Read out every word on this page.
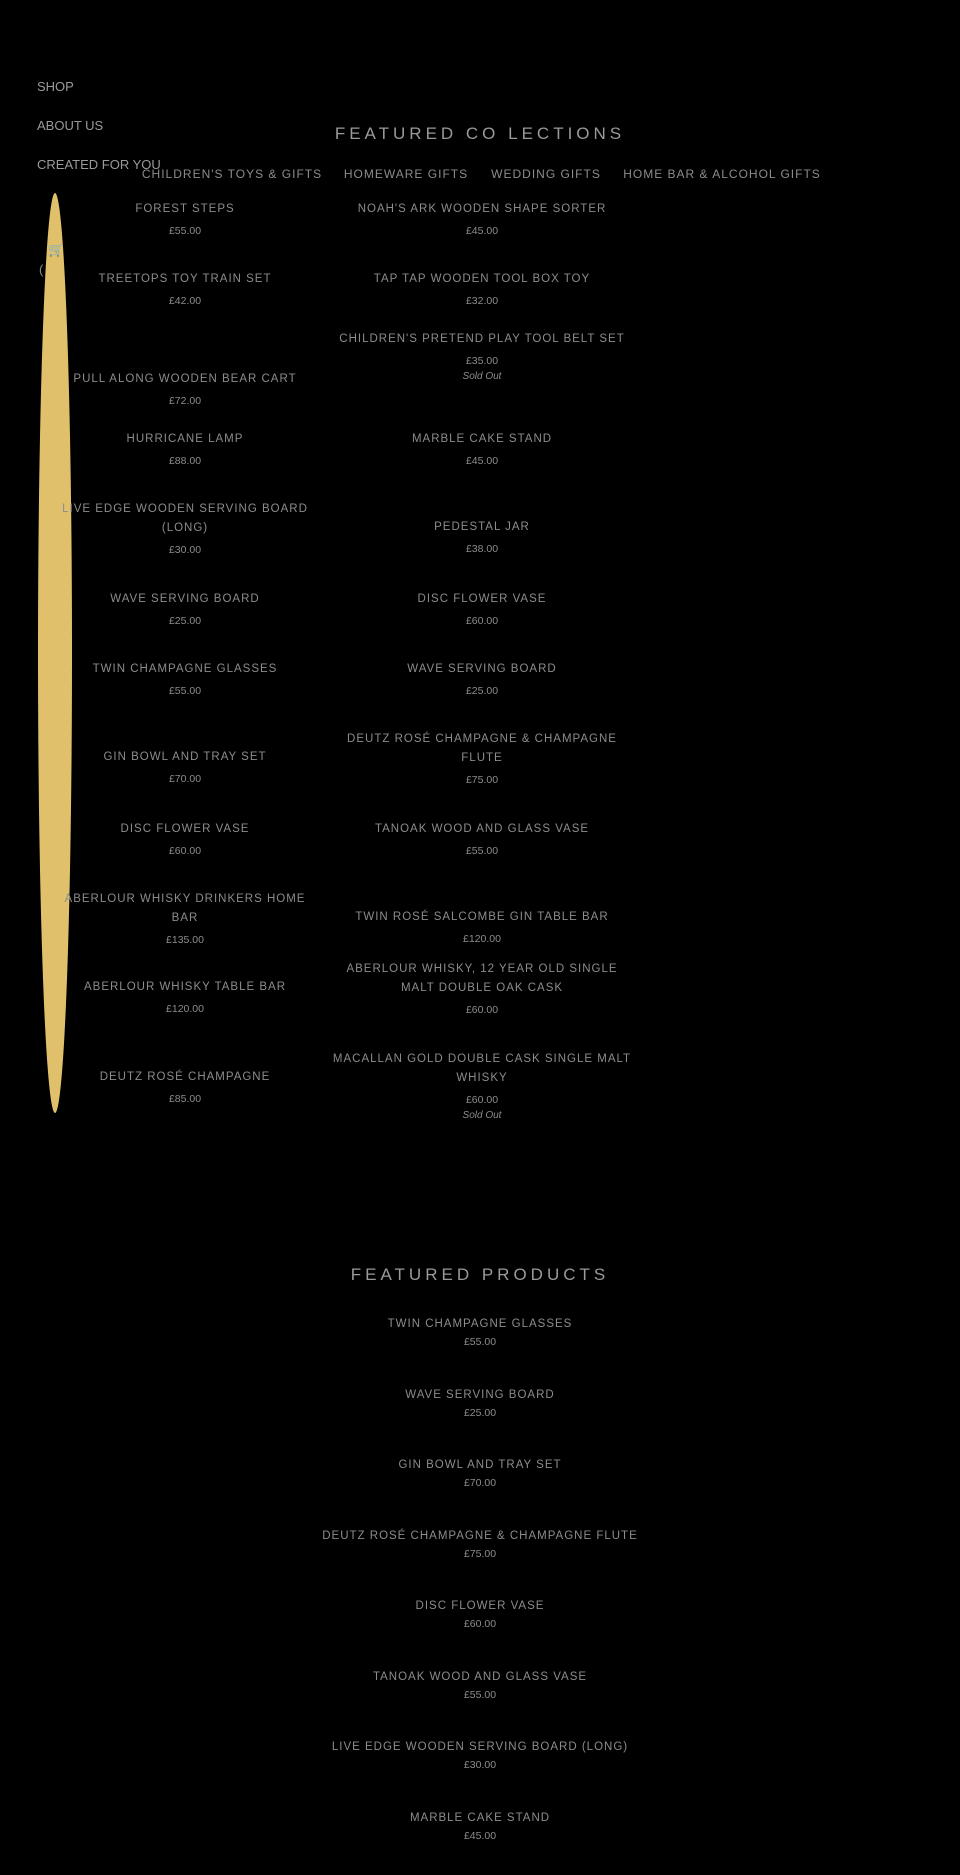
SHOP
ABOUT US
CREATED FOR YOU
🛒
(
FEATURED CO LECTIONS
CHILDREN'S TOYS & GIFTS HOMEWARE GIFTS WEDDING GIFTS HOME BAR & ALCOHOL GIFTS
FOREST STEPS
£55.00
TREETOPS TOY TRAIN SET
£42.00
PULL ALONG WOODEN BEAR CART
£72.00
HURRICANE LAMP
£88.00
LIVE EDGE WOODEN SERVING BOARD (LONG)
£30.00
WAVE SERVING BOARD
£25.00
TWIN CHAMPAGNE GLASSES
£55.00
GIN BOWL AND TRAY SET
£70.00
DISC FLOWER VASE
£60.00
ABERLOUR WHISKY DRINKERS HOME BAR
£135.00
ABERLOUR WHISKY TABLE BAR
£120.00
DEUTZ ROSÉ CHAMPAGNE
£85.00
NOAH'S ARK WOODEN SHAPE SORTER
£45.00
TAP TAP WOODEN TOOL BOX TOY
£32.00
CHILDREN'S PRETEND PLAY TOOL BELT SET
£35.00
Sold Out
MARBLE CAKE STAND
£45.00
PEDESTAL JAR
£38.00
DISC FLOWER VASE
£60.00
WAVE SERVING BOARD
£25.00
DEUTZ ROSÉ CHAMPAGNE & CHAMPAGNE FLUTE
£75.00
TANOAK WOOD AND GLASS VASE
£55.00
TWIN ROSÉ SALCOMBE GIN TABLE BAR
£120.00
ABERLOUR WHISKY, 12 YEAR OLD SINGLE MALT DOUBLE OAK CASK
£60.00
MACALLAN GOLD DOUBLE CASK SINGLE MALT WHISKY
£60.00
Sold Out
FEATURED PRODUCTS
TWIN CHAMPAGNE GLASSES
£55.00
WAVE SERVING BOARD
£25.00
GIN BOWL AND TRAY SET
£70.00
DEUTZ ROSÉ CHAMPAGNE & CHAMPAGNE FLUTE
£75.00
DISC FLOWER VASE
£60.00
TANOAK WOOD AND GLASS VASE
£55.00
LIVE EDGE WOODEN SERVING BOARD (LONG)
£30.00
MARBLE CAKE STAND
£45.00
